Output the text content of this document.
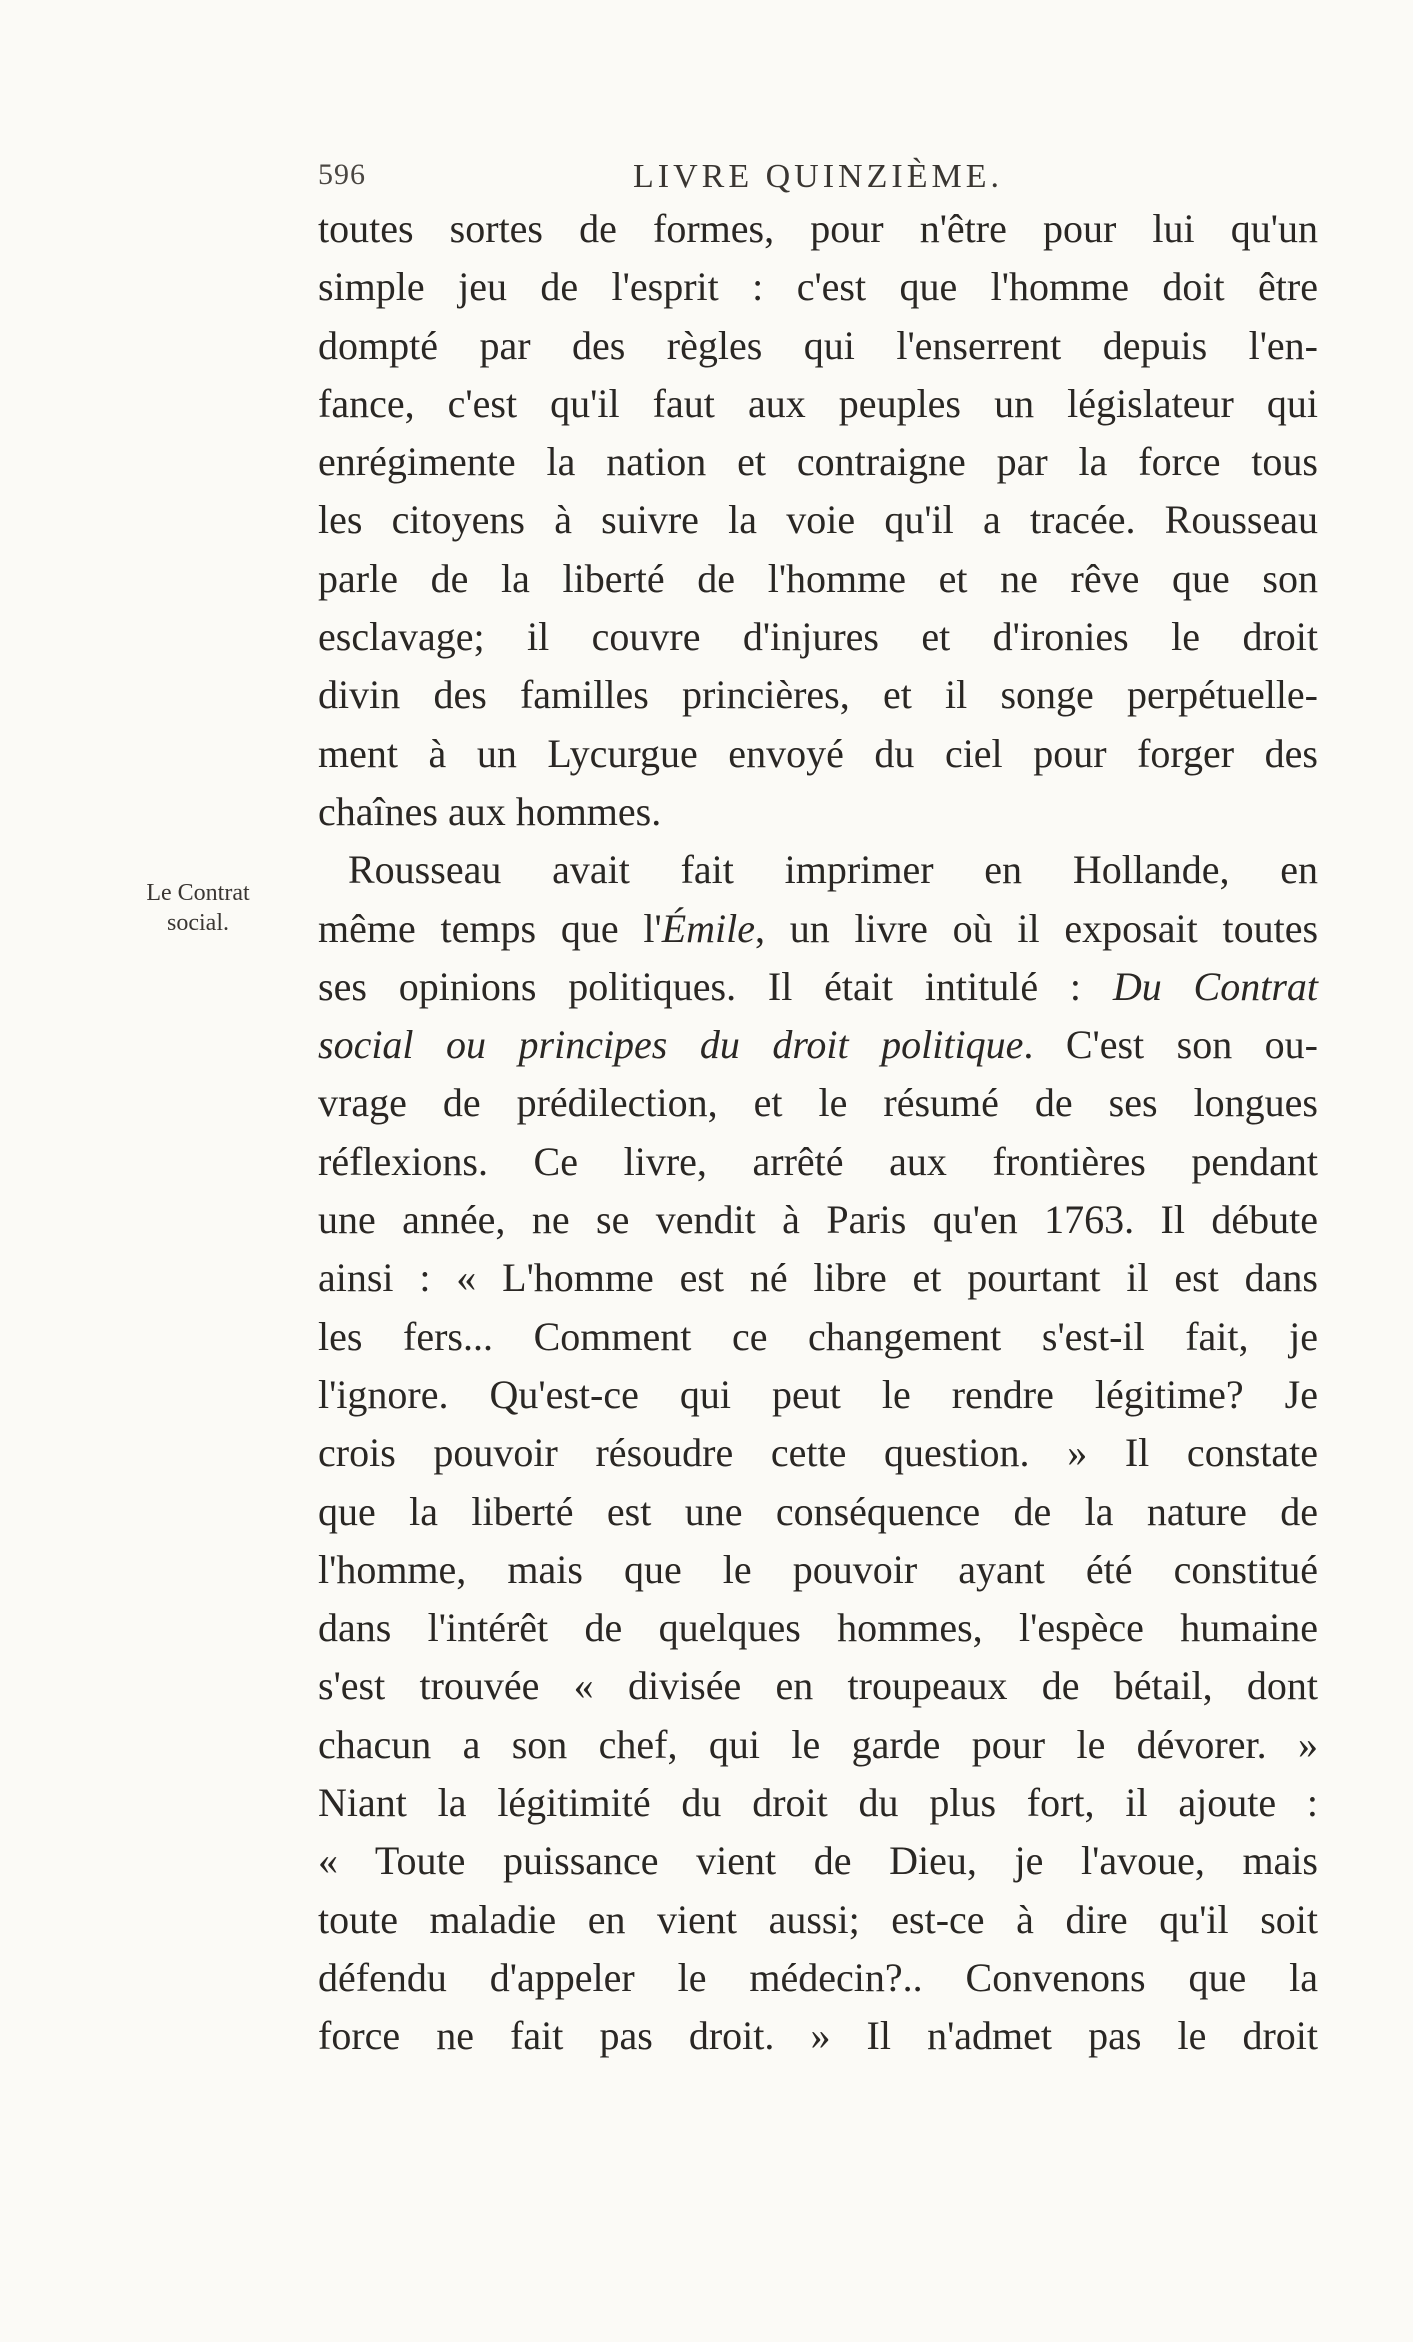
596	LIVRE QUINZIÈME.
Le Contrat
social.
toutes sortes de formes, pour n'être pour lui qu'un
simple jeu de l'esprit : c'est que l'homme doit être
dompté par des règles qui l'enserrent depuis l'en-
fance, c'est qu'il faut aux peuples un législateur qui
enrégimente la nation et contraigne par la force tous
les citoyens à suivre la voie qu'il a tracée. Rousseau
parle de la liberté de l'homme et ne rêve que son
esclavage; il couvre d'injures et d'ironies le droit
divin des familles princières, et il songe perpétuelle-
ment à un Lycurgue envoyé du ciel pour forger des
chaînes aux hommes.
Rousseau avait fait imprimer en Hollande, en
même temps que l'Émile, un livre où il exposait toutes
ses opinions politiques. Il était intitulé : Du Contrat
social ou principes du droit politique. C'est son ou-
vrage de prédilection, et le résumé de ses longues
réflexions. Ce livre, arrêté aux frontières pendant
une année, ne se vendit à Paris qu'en 1763. Il débute
ainsi : « L'homme est né libre et pourtant il est dans
les fers... Comment ce changement s'est-il fait, je
l'ignore. Qu'est-ce qui peut le rendre légitime? Je
crois pouvoir résoudre cette question. » Il constate
que la liberté est une conséquence de la nature de
l'homme, mais que le pouvoir ayant été constitué
dans l'intérêt de quelques hommes, l'espèce humaine
s'est trouvée « divisée en troupeaux de bétail, dont
chacun a son chef, qui le garde pour le dévorer. »
Niant la légitimité du droit du plus fort, il ajoute :
« Toute puissance vient de Dieu, je l'avoue, mais
toute maladie en vient aussi; est-ce à dire qu'il soit
défendu d'appeler le médecin?.. Convenons que la
force ne fait pas droit. » Il n'admet pas le droit
